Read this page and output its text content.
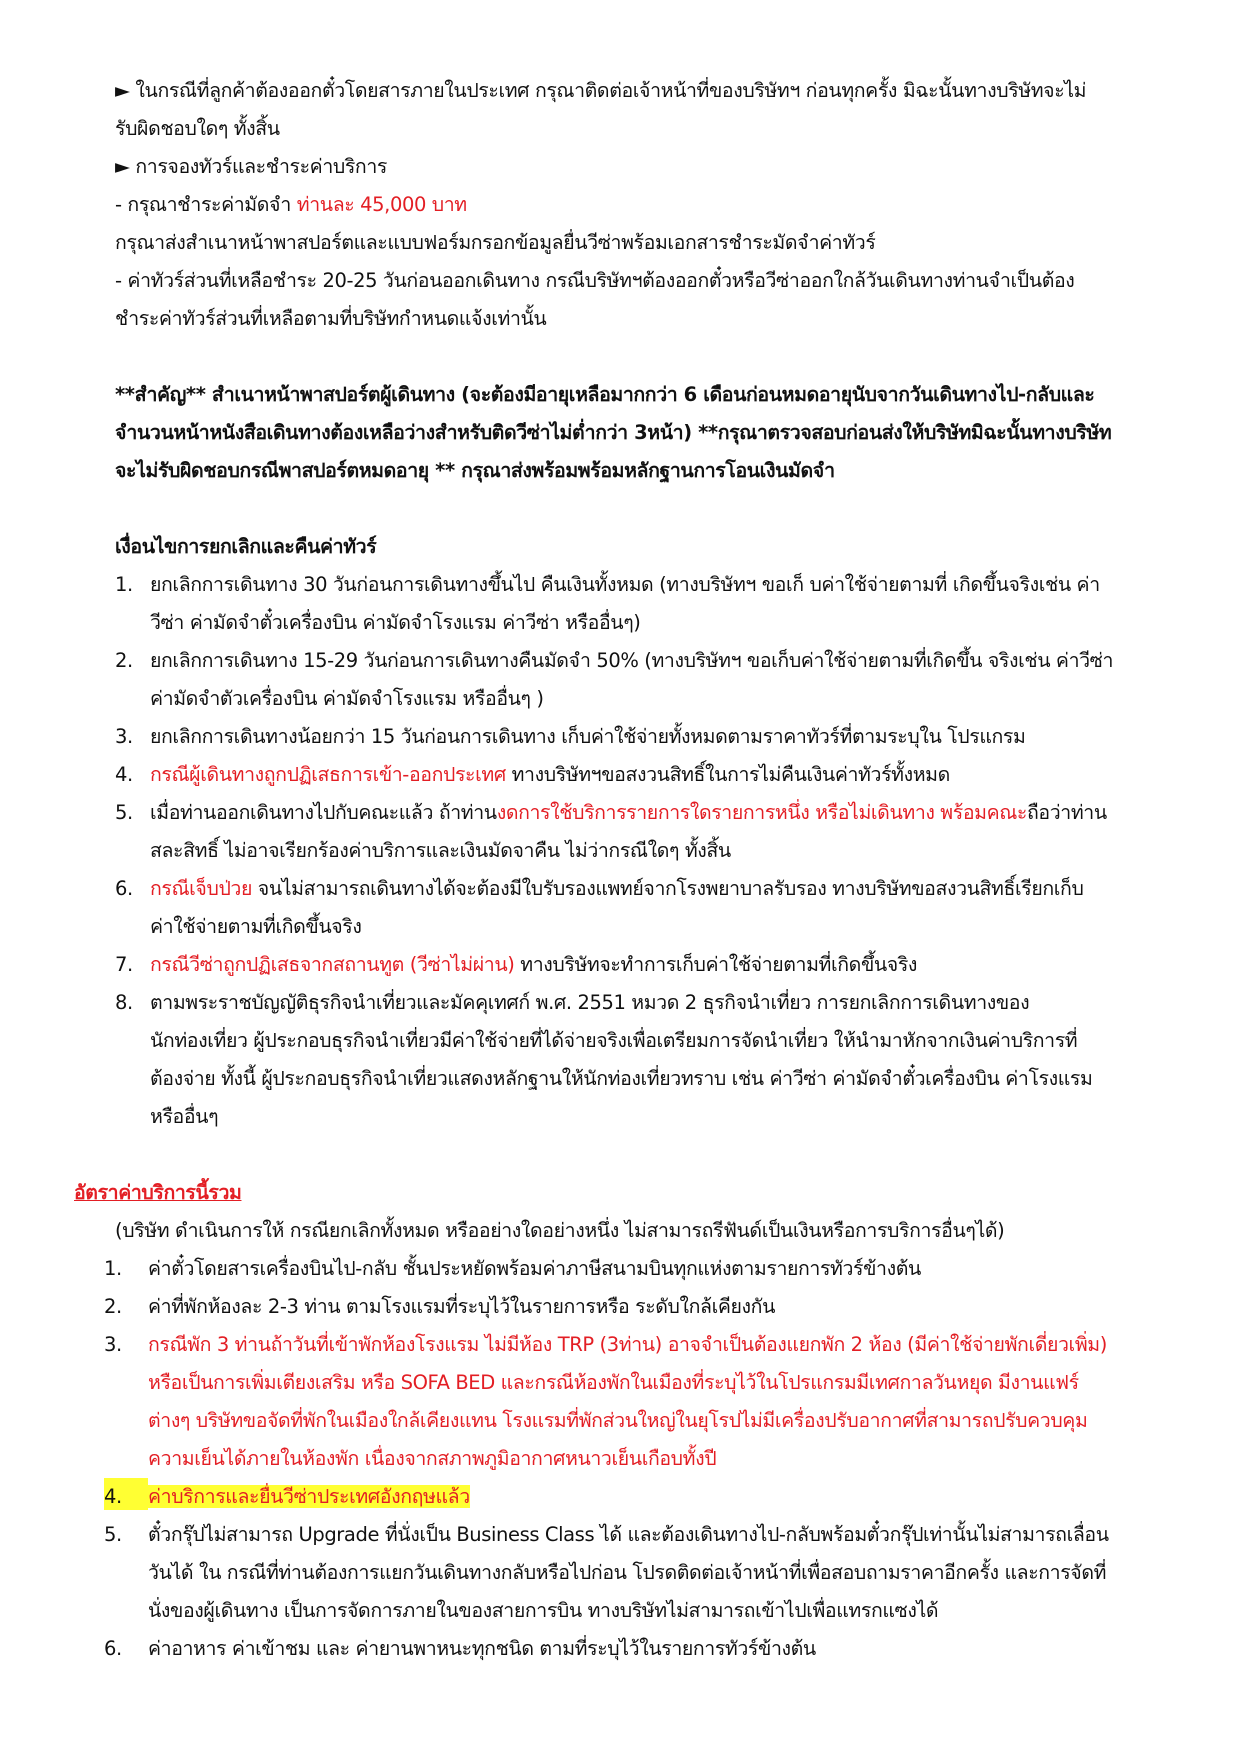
► ในกรณีที่ลูกค้าต้องออกตั๋วโดยสารภายในประเทศ กรุณาติดต่อเจ้าหน้าที่ของบริษัทฯ ก่อนทุกครั้ง มิฉะนั้นทางบริษัทจะไม่
รับผิดชอบใดๆ ทั้งสิ้น
► การจองทัวร์และชำระค่าบริการ
- กรุณาชำระค่ามัดจำ ท่านละ 45,000 บาท
กรุณาส่งสำเนาหน้าพาสปอร์ตและแบบฟอร์มกรอกข้อมูลยื่นวีซ่าพร้อมเอกสารชำระมัดจำค่าทัวร์
- ค่าทัวร์ส่วนที่เหลือชำระ 20-25 วันก่อนออกเดินทาง กรณีบริษัทฯต้องออกตั๋วหรือวีซ่าออกใกล้วันเดินทางท่านจำเป็นต้อง
ชำระค่าทัวร์ส่วนที่เหลือตามที่บริษัทกำหนดแจ้งเท่านั้น
**สำคัญ** สำเนาหน้าพาสปอร์ตผู้เดินทาง (จะต้องมีอายุเหลือมากกว่า 6 เดือนก่อนหมดอายุนับจากวันเดินทางไป-กลับและ
จำนวนหน้าหนังสือเดินทางต้องเหลือว่างสำหรับติดวีซ่าไม่ต่ำกว่า 3หน้า) **กรุณาตรวจสอบก่อนส่งให้บริษัทมิฉะนั้นทางบริษัท
จะไม่รับผิดชอบกรณีพาสปอร์ตหมดอายุ ** กรุณาส่งพร้อมพร้อมหลักฐานการโอนเงินมัดจำ
เงื่อนไขการยกเลิกและคืนค่าทัวร์
1. ยกเลิกการเดินทาง 30 วันก่อนการเดินทางขึ้นไป คืนเงินทั้งหมด (ทางบริษัทฯ ขอเก็ บค่าใช้จ่ายตามที่ เกิดขึ้นจริงเช่น ค่า
วีซ่า ค่ามัดจำตั๋วเครื่องบิน ค่ามัดจำโรงแรม ค่าวีซ่า หรืออื่นๆ)
2. ยกเลิกการเดินทาง 15-29 วันก่อนการเดินทางคืนมัดจำ 50% (ทางบริษัทฯ ขอเก็บค่าใช้จ่ายตามที่เกิดขึ้น จริงเช่น ค่าวีซ่า
ค่ามัดจำตัวเครื่องบิน ค่ามัดจำโรงแรม หรืออื่นๆ )
3. ยกเลิกการเดินทางน้อยกว่า 15 วันก่อนการเดินทาง เก็บค่าใช้จ่ายทั้งหมดตามราคาทัวร์ที่ตามระบุใน โปรแกรม
4. กรณีผู้เดินทางถูกปฏิเสธการเข้า-ออกประเทศ ทางบริษัทฯขอสงวนสิทธิ์ในการไม่คืนเงินค่าทัวร์ทั้งหมด
5. เมื่อท่านออกเดินทางไปกับคณะแล้ว ถ้าท่านงดการใช้บริการรายการใดรายการหนึ่ง หรือไม่เดินทาง พร้อมคณะถือว่าท่าน
สละสิทธิ์ ไม่อาจเรียกร้องค่าบริการและเงินมัดจาคืน ไม่ว่ากรณีใดๆ ทั้งสิ้น
6. กรณีเจ็บป่วย จนไม่สามารถเดินทางได้จะต้องมีใบรับรองแพทย์จากโรงพยาบาลรับรอง ทางบริษัทขอสงวนสิทธิ์เรียกเก็บ
ค่าใช้จ่ายตามที่เกิดขึ้นจริง
7. กรณีวีซ่าถูกปฏิเสธจากสถานทูต (วีซ่าไม่ผ่าน) ทางบริษัทจะทำการเก็บค่าใช้จ่ายตามที่เกิดขึ้นจริง
8. ตามพระราชบัญญัติธุรกิจนำเที่ยวและมัคคุเทศก์ พ.ศ. 2551 หมวด 2 ธุรกิจนำเที่ยว การยกเลิกการเดินทางของ
นักท่องเที่ยว ผู้ประกอบธุรกิจนำเที่ยวมีค่าใช้จ่ายที่ได้จ่ายจริงเพื่อเตรียมการจัดนำเที่ยว ให้นำมาหักจากเงินค่าบริการที่
ต้องจ่าย ทั้งนี้ ผู้ประกอบธุรกิจนำเที่ยวแสดงหลักฐานให้นักท่องเที่ยวทราบ เช่น ค่าวีซ่า ค่ามัดจำตั๋วเครื่องบิน ค่าโรงแรม
หรืออื่นๆ
อัตราค่าบริการนี้รวม
(บริษัท ดำเนินการให้ กรณียกเลิกทั้งหมด หรืออย่างใดอย่างหนึ่ง ไม่สามารถรีฟันด์เป็นเงินหรือการบริการอื่นๆได้)
1. ค่าตั๋วโดยสารเครื่องบินไป-กลับ ชั้นประหยัดพร้อมค่าภาษีสนามบินทุกแห่งตามรายการทัวร์ข้างต้น
2. ค่าที่พักห้องละ 2-3 ท่าน ตามโรงแรมที่ระบุไว้ในรายการหรือ ระดับใกล้เคียงกัน
3. กรณีพัก 3 ท่านถ้าวันที่เข้าพักห้องโรงแรม ไม่มีห้อง TRP (3ท่าน) อาจจำเป็นต้องแยกพัก 2 ห้อง (มีค่าใช้จ่ายพักเดี่ยวเพิ่ม)
หรือเป็นการเพิ่มเตียงเสริม หรือ SOFA BED และกรณีห้องพักในเมืองที่ระบุไว้ในโปรแกรมมีเทศกาลวันหยุด มีงานแฟร์
ต่างๆ บริษัทขอจัดที่พักในเมืองใกล้เคียงแทน โรงแรมที่พักส่วนใหญ่ในยุโรปไม่มีเครื่องปรับอากาศที่สามารถปรับควบคุม
ความเย็นได้ภายในห้องพัก เนื่องจากสภาพภูมิอากาศหนาวเย็นเกือบทั้งปี
4.	ค่าบริการและยื่นวีซ่าประเทศอังกฤษแล้ว
5. ตั๋วกรุ๊ปไม่สามารถ Upgrade ที่นั่งเป็น Business Class ได้ และต้องเดินทางไป-กลับพร้อมตั๋วกรุ๊ปเท่านั้นไม่สามารถเลื่อน
วันได้ ใน กรณีที่ท่านต้องการแยกวันเดินทางกลับหรือไปก่อน โปรดติดต่อเจ้าหน้าที่เพื่อสอบถามราคาอีกครั้ง และการจัดที่
นั่งของผู้เดินทาง เป็นการจัดการภายในของสายการบิน ทางบริษัทไม่สามารถเข้าไปเพื่อแทรกแซงได้
6. ค่าอาหาร ค่าเข้าชม และ ค่ายานพาหนะทุกชนิด ตามที่ระบุไว้ในรายการทัวร์ข้างต้น
